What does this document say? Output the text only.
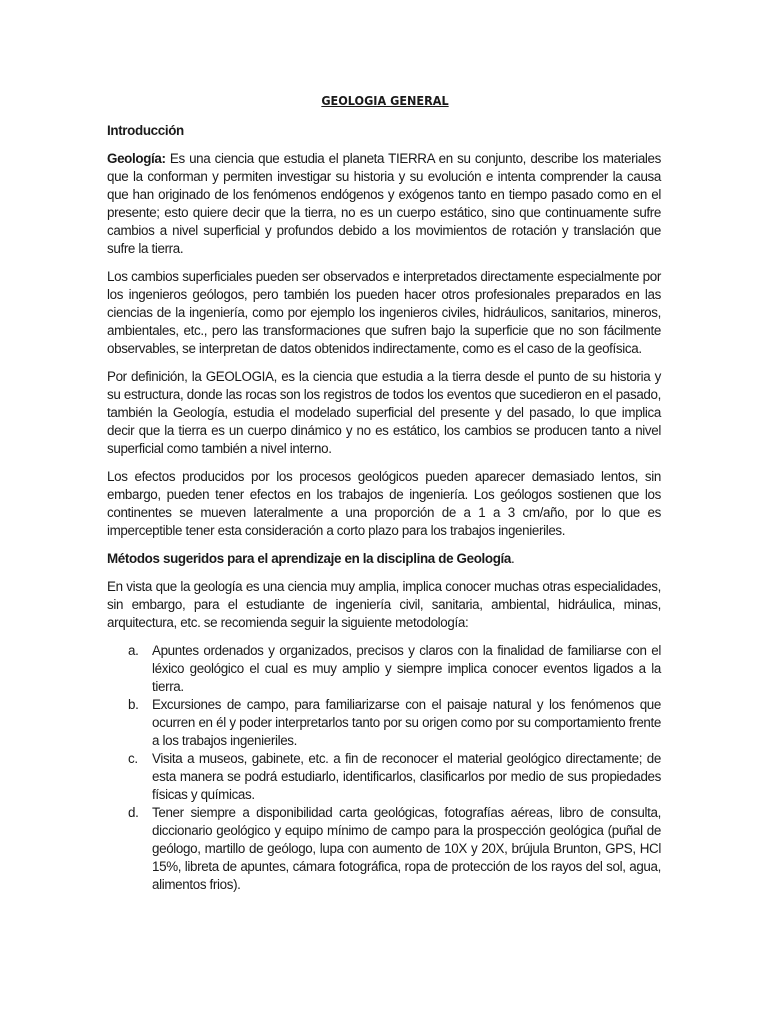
GEOLOGIA GENERAL
Introducción

Geología: Es una ciencia que estudia el planeta TIERRA en su conjunto, describe los materiales que la conforman y permiten investigar su historia y su evolución e intenta comprender la causa que han originado de los fenómenos endógenos y exógenos tanto en tiempo pasado como en el presente; esto quiere decir que la tierra, no es un cuerpo estático, sino que continuamente sufre cambios a nivel superficial y profundos debido a los movimientos de rotación y translación que sufre la tierra.

Los cambios superficiales pueden ser observados e interpretados directamente especialmente por los ingenieros geólogos, pero también los pueden hacer otros profesionales preparados en las ciencias de la ingeniería, como por ejemplo los ingenieros civiles, hidráulicos, sanitarios, mineros, ambientales, etc., pero las transformaciones que sufren bajo la superficie que no son fácilmente observables, se interpretan de datos obtenidos indirectamente, como es el caso de la geofísica.

Por definición, la GEOLOGIA, es la ciencia que estudia a la tierra desde el punto de su historia y su estructura, donde las rocas son los registros de todos los eventos que sucedieron en el pasado, también la Geología, estudia el modelado superficial del presente y del pasado, lo que implica decir que la tierra es un cuerpo dinámico y no es estático, los cambios se producen tanto a nivel superficial como también a nivel interno.

Los efectos producidos por los procesos geológicos pueden aparecer demasiado lentos, sin embargo, pueden tener efectos en los trabajos de ingeniería. Los geólogos sostienen que los continentes se mueven lateralmente a una proporción de a 1 a 3 cm/año, por lo que es imperceptible tener esta consideración a corto plazo para los trabajos ingenieriles.

Métodos sugeridos para el aprendizaje en la disciplina de Geología.

En vista que la geología es una ciencia muy amplia, implica conocer muchas otras especialidades, sin embargo, para el estudiante de ingeniería civil, sanitaria, ambiental, hidráulica, minas, arquitectura, etc. se recomienda seguir la siguiente metodología:

a. Apuntes ordenados y organizados, precisos y claros con la finalidad de familiarse con el léxico geológico el cual es muy amplio y siempre implica conocer eventos ligados a la tierra.
b. Excursiones de campo, para familiarizarse con el paisaje natural y los fenómenos que ocurren en él y poder interpretarlos tanto por su origen como por su comportamiento frente a los trabajos ingenieriles.
c. Visita a museos, gabinete, etc. a fin de reconocer el material geológico directamente; de esta manera se podrá estudiarlo, identificarlos, clasificarlos por medio de sus propiedades físicas y químicas.
d. Tener siempre a disponibilidad carta geológicas, fotografías aéreas, libro de consulta, diccionario geológico y equipo mínimo de campo para la prospección geológica (puñal de geólogo, martillo de geólogo, lupa con aumento de 10X y 20X, brújula Brunton, GPS, HCl 15%, libreta de apuntes, cámara fotográfica, ropa de protección de los rayos del sol, agua, alimentos frios).
